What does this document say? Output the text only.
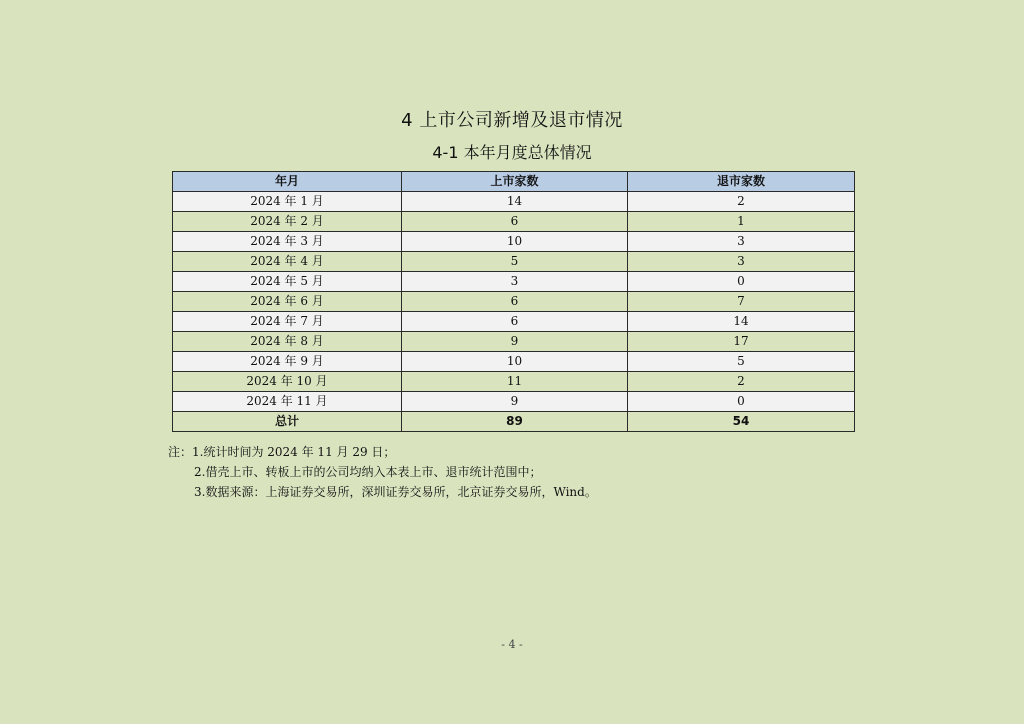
4 上市公司新增及退市情况
4-1 本年月度总体情况
年月	上市家数	退市家数
2024 年 1 月	14	2
2024 年 2 月	6	1
2024 年 3 月	10	3
2024 年 4 月	5	3
2024 年 5 月	3	0
2024 年 6 月	6	7
2024 年 7 月	6	14
2024 年 8 月	9	17
2024 年 9 月	10	5
2024 年 10 月	11	2
2024 年 11 月	9	0
总计	89	54
注：1.统计时间为 2024 年 11 月 29 日；
2.借壳上市、转板上市的公司均纳入本表上市、退市统计范围中；
3.数据来源：上海证券交易所，深圳证券交易所，北京证券交易所，Wind。
- 4 -
